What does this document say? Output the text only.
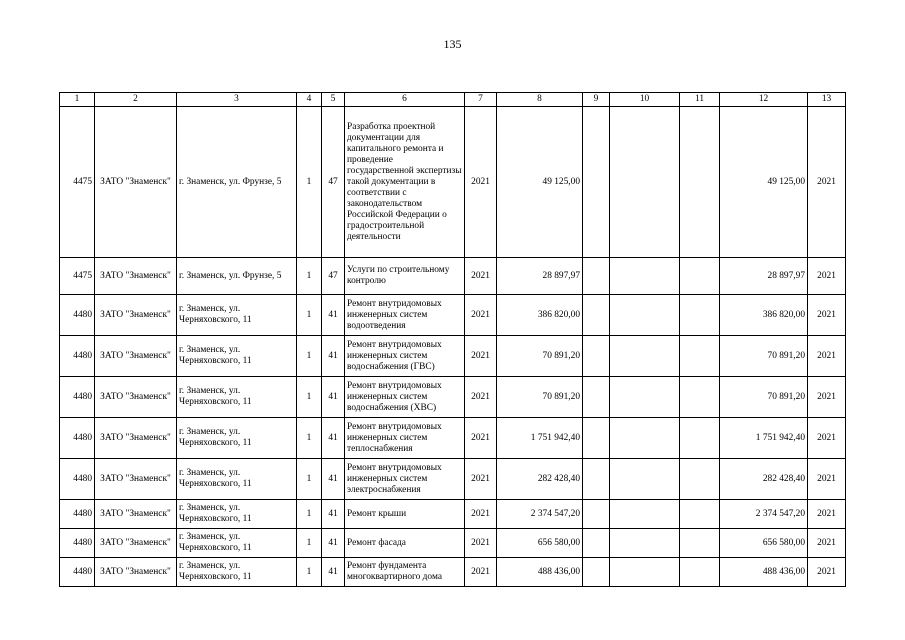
135
1	2	3	4	5	6	7	8	9	10	11	12	13
4475	ЗАТО "Знаменск"	г. Знаменск, ул. Фрунзе, 5	1	47	Разработка проектной документации для капитального ремонта и проведение государственной экспертизы такой документации в соответствии с законодательством Российской Федерации о градостроительной деятельности	2021	49 125,00				49 125,00	2021
4475	ЗАТО "Знаменск"	г. Знаменск, ул. Фрунзе, 5	1	47	Услуги по строительному контролю	2021	28 897,97				28 897,97	2021
4480	ЗАТО "Знаменск"	г. Знаменск, ул. Черняховского, 11	1	41	Ремонт внутридомовых инженерных систем водоотведения	2021	386 820,00				386 820,00	2021
4480	ЗАТО "Знаменск"	г. Знаменск, ул. Черняховского, 11	1	41	Ремонт внутридомовых инженерных систем водоснабжения (ГВС)	2021	70 891,20				70 891,20	2021
4480	ЗАТО "Знаменск"	г. Знаменск, ул. Черняховского, 11	1	41	Ремонт внутридомовых инженерных систем водоснабжения (ХВС)	2021	70 891,20				70 891,20	2021
4480	ЗАТО "Знаменск"	г. Знаменск, ул. Черняховского, 11	1	41	Ремонт внутридомовых инженерных систем теплоснабжения	2021	1 751 942,40				1 751 942,40	2021
4480	ЗАТО "Знаменск"	г. Знаменск, ул. Черняховского, 11	1	41	Ремонт внутридомовых инженерных систем электроснабжения	2021	282 428,40				282 428,40	2021
4480	ЗАТО "Знаменск"	г. Знаменск, ул. Черняховского, 11	1	41	Ремонт крыши	2021	2 374 547,20				2 374 547,20	2021
4480	ЗАТО "Знаменск"	г. Знаменск, ул. Черняховского, 11	1	41	Ремонт фасада	2021	656 580,00				656 580,00	2021
4480	ЗАТО "Знаменск"	г. Знаменск, ул. Черняховского, 11	1	41	Ремонт фундамента многоквартирного дома	2021	488 436,00				488 436,00	2021
